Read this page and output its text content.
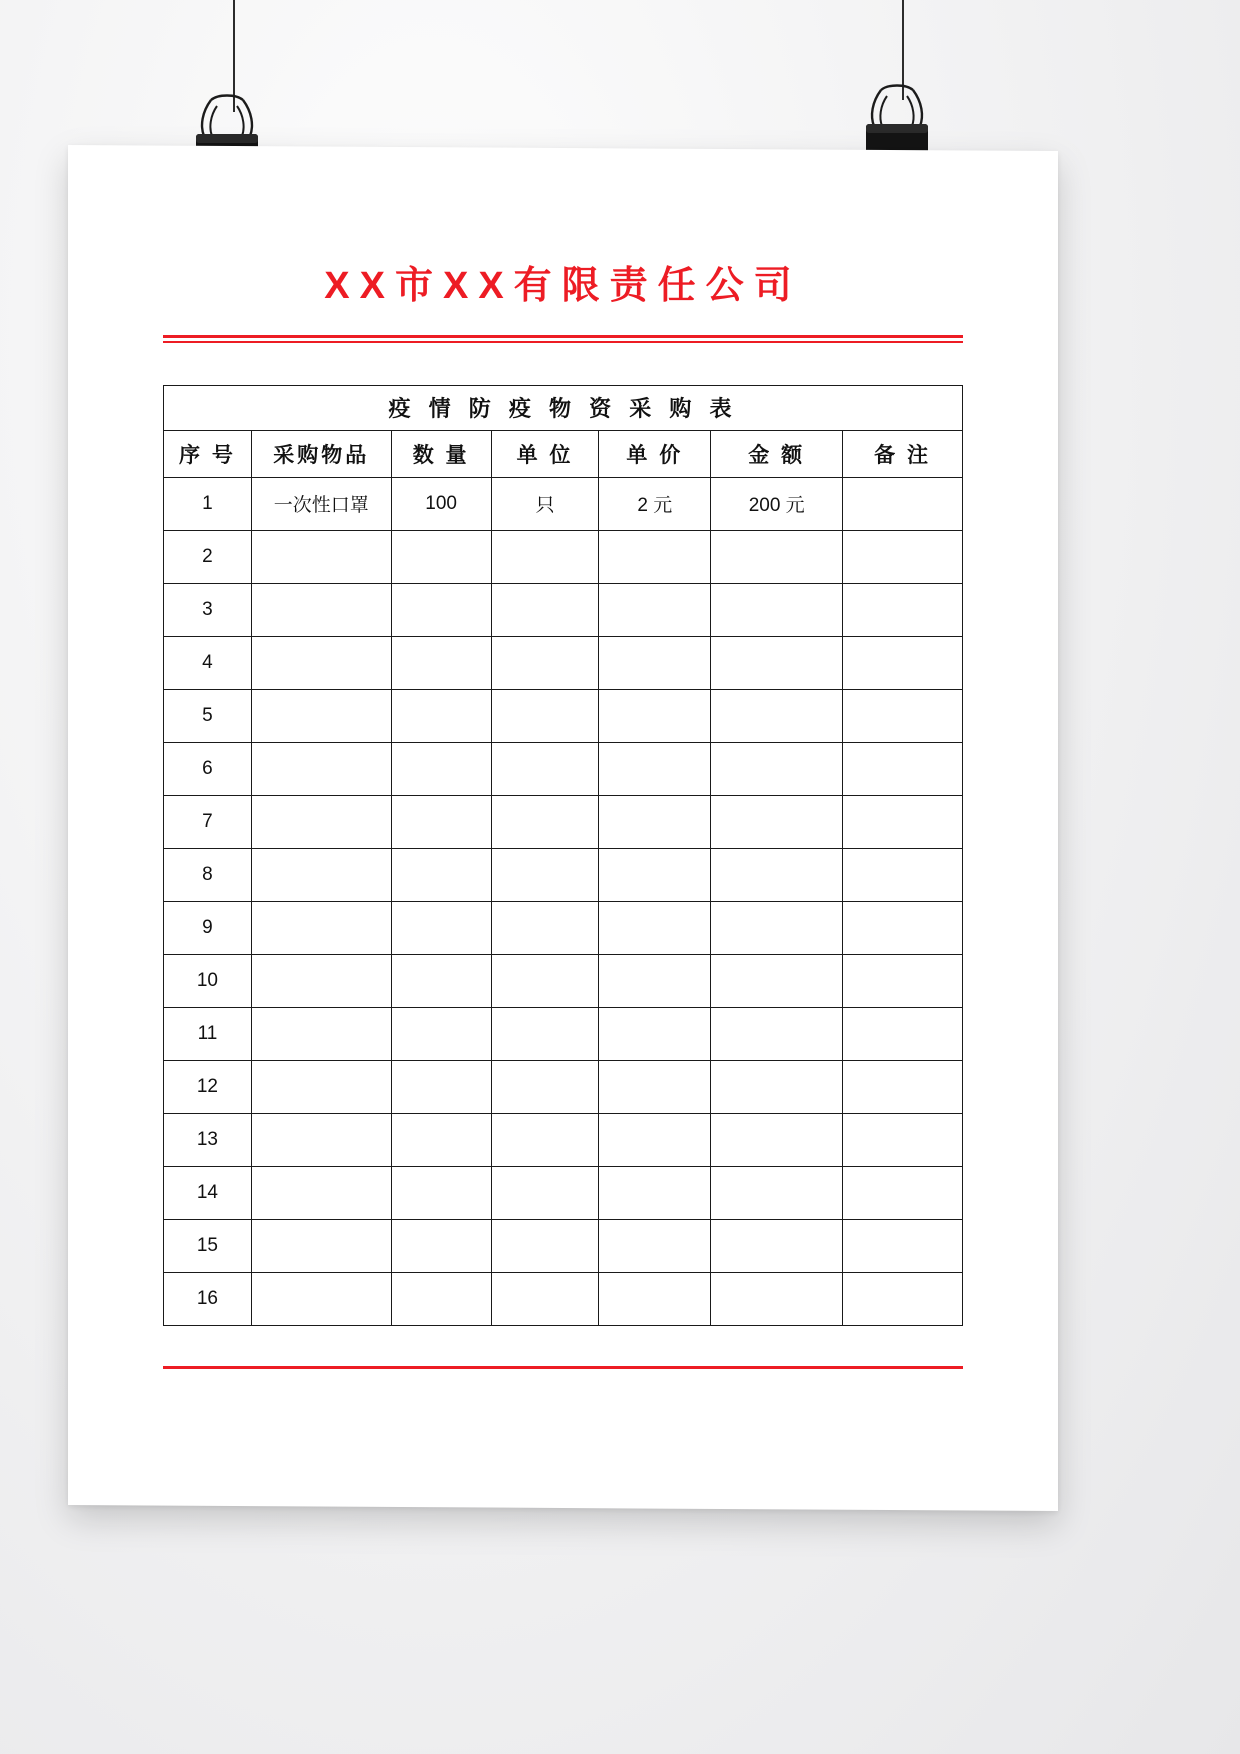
XX市XX有限责任公司
疫 情 防 疫 物 资 采 购 表						
序 号	采购物品	数 量	单 位	单 价	金 额	备 注
1	一次性口罩	100	只	2 元	200 元	
2						
3						
4						
5						
6						
7						
8						
9						
10						
11						
12						
13						
14						
15						
16						
